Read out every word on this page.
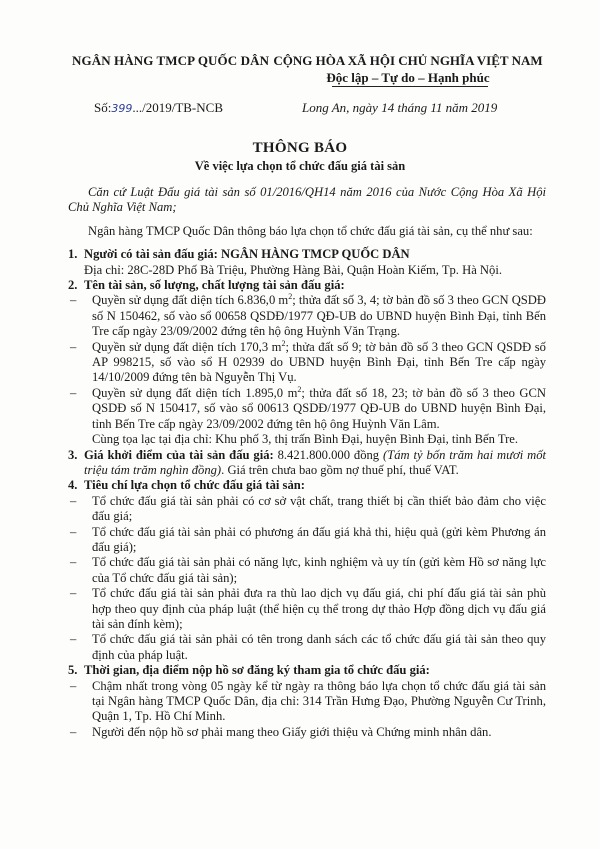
NGÂN HÀNG TMCP QUỐC DÂN CỘNG HÒA XÃ HỘI CHỦ NGHĨA VIỆT NAM
Độc lập – Tự do – Hạnh phúc
Số:399.../2019/TB-NCB	Long An, ngày 14 tháng 11 năm 2019
THÔNG BÁO
Về việc lựa chọn tổ chức đấu giá tài sản

Căn cứ Luật Đấu giá tài sản số 01/2016/QH14 năm 2016 của Nước Cộng Hòa Xã Hội Chủ Nghĩa Việt Nam;

Ngân hàng TMCP Quốc Dân thông báo lựa chọn tổ chức đấu giá tài sản, cụ thể như sau:

1. Người có tài sản đấu giá: NGÂN HÀNG TMCP QUỐC DÂN

Địa chỉ: 28C-28D Phố Bà Triệu, Phường Hàng Bài, Quận Hoàn Kiếm, Tp. Hà Nội.

2. Tên tài sản, số lượng, chất lượng tài sản đấu giá:
–	Quyền sử dụng đất diện tích 6.836,0 $m^2$; thửa đất số 3, 4; tờ bản đồ số 3 theo GCN QSDĐ số N 150462, số vào sổ 00658 QSDĐ/1977 QĐ-UB do UBND huyện Bình Đại, tỉnh Bến Tre cấp ngày 23/09/2002 đứng tên hộ ông Huỳnh Văn Trạng.
–	Quyền sử dụng đất diện tích 170,3 $m^2$; thửa đất số 9; tờ bản đồ số 3 theo GCN QSDĐ số AP 998215, số vào sổ H 02939 do UBND huyện Bình Đại, tỉnh Bến Tre cấp ngày 14/10/2009 đứng tên bà Nguyễn Thị Vụ.
–	Quyền sử dụng đất diện tích 1.895,0 $m^2$; thửa đất số 18, 23; tờ bản đồ số 3 theo GCN QSDĐ số N 150417, số vào sổ 00613 QSDĐ/1977 QĐ-UB do UBND huyện Bình Đại, tỉnh Bến Tre cấp ngày 23/09/2002 đứng tên hộ ông Huỳnh Văn Lâm.

Cùng tọa lạc tại địa chỉ: Khu phố 3, thị trấn Bình Đại, huyện Bình Đại, tỉnh Bến Tre.

3. Giá khởi điểm của tài sản đấu giá: 8.421.800.000 đồng (Tám tỷ bốn trăm hai mươi mốt triệu tám trăm nghìn đồng). Giá trên chưa bao gồm nợ thuế phí, thuế VAT.
4. Tiêu chí lựa chọn tổ chức đấu giá tài sản:
–	Tổ chức đấu giá tài sản phải có cơ sở vật chất, trang thiết bị cần thiết bảo đảm cho việc đấu giá;
–	Tổ chức đấu giá tài sản phải có phương án đấu giá khả thi, hiệu quả (gửi kèm Phương án đấu giá);
–	Tổ chức đấu giá tài sản phải có năng lực, kinh nghiệm và uy tín (gửi kèm Hồ sơ năng lực của Tổ chức đấu giá tài sản);
–	Tổ chức đấu giá tài sản phải đưa ra thù lao dịch vụ đấu giá, chi phí đấu giá tài sản phù hợp theo quy định của pháp luật (thể hiện cụ thể trong dự thảo Hợp đồng dịch vụ đấu giá tài sản đính kèm);
–	Tổ chức đấu giá tài sản phải có tên trong danh sách các tổ chức đấu giá tài sản theo quy định của pháp luật.
5. Thời gian, địa điểm nộp hồ sơ đăng ký tham gia tổ chức đấu giá:
–	Chậm nhất trong vòng 05 ngày kể từ ngày ra thông báo lựa chọn tổ chức đấu giá tài sản tại Ngân hàng TMCP Quốc Dân, địa chỉ: 314 Trần Hưng Đạo, Phường Nguyễn Cư Trinh, Quận 1, Tp. Hồ Chí Minh.
–	Người đến nộp hồ sơ phải mang theo Giấy giới thiệu và Chứng minh nhân dân.
